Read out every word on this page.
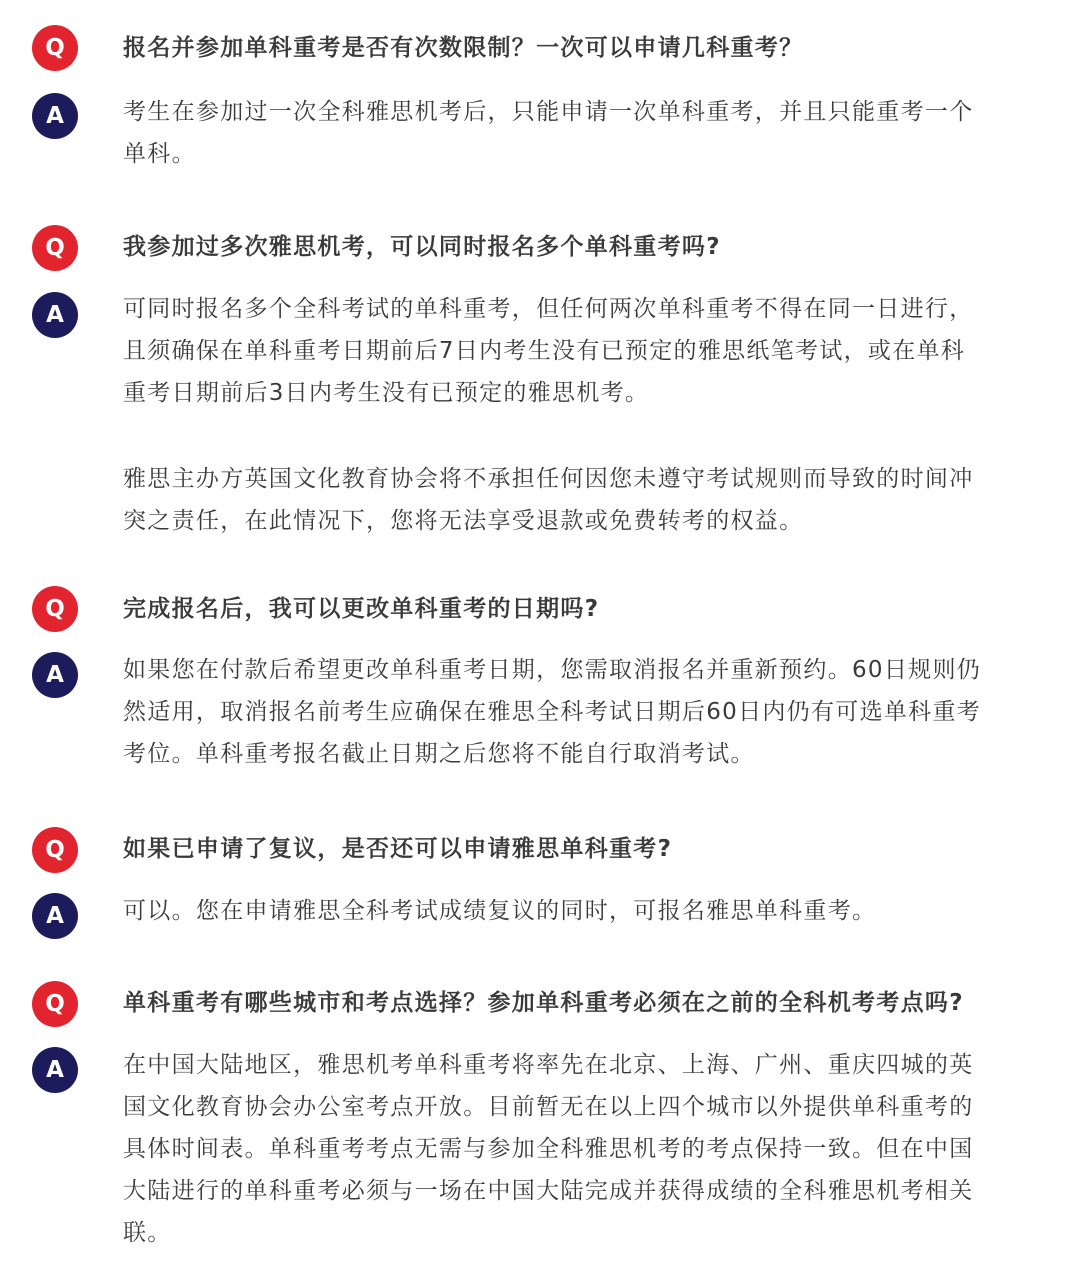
Q	报名并参加单科重考是否有次数限制？一次可以申请几科重考？
A	考生在参加过一次全科雅思机考后，只能申请一次单科重考，并且只能重考一个
单科。
Q	我参加过多次雅思机考，可以同时报名多个单科重考吗?
A	可同时报名多个全科考试的单科重考，但任何两次单科重考不得在同一日进行，
且须确保在单科重考日期前后7日内考生没有已预定的雅思纸笔考试，或在单科
重考日期前后3日内考生没有已预定的雅思机考。
雅思主办方英国文化教育协会将不承担任何因您未遵守考试规则而导致的时间冲
突之责任，在此情况下，您将无法享受退款或免费转考的权益。
Q	完成报名后，我可以更改单科重考的日期吗?
A	如果您在付款后希望更改单科重考日期，您需取消报名并重新预约。60日规则仍
然适用，取消报名前考生应确保在雅思全科考试日期后60日内仍有可选单科重考
考位。单科重考报名截止日期之后您将不能自行取消考试。
Q	如果已申请了复议，是否还可以申请雅思单科重考?
A	可以。您在申请雅思全科考试成绩复议的同时，可报名雅思单科重考。
Q	单科重考有哪些城市和考点选择？参加单科重考必须在之前的全科机考考点吗?
A	在中国大陆地区，雅思机考单科重考将率先在北京、上海、广州、重庆四城的英
国文化教育协会办公室考点开放。目前暂无在以上四个城市以外提供单科重考的
具体时间表。单科重考考点无需与参加全科雅思机考的考点保持一致。但在中国
大陆进行的单科重考必须与一场在中国大陆完成并获得成绩的全科雅思机考相关
联。
